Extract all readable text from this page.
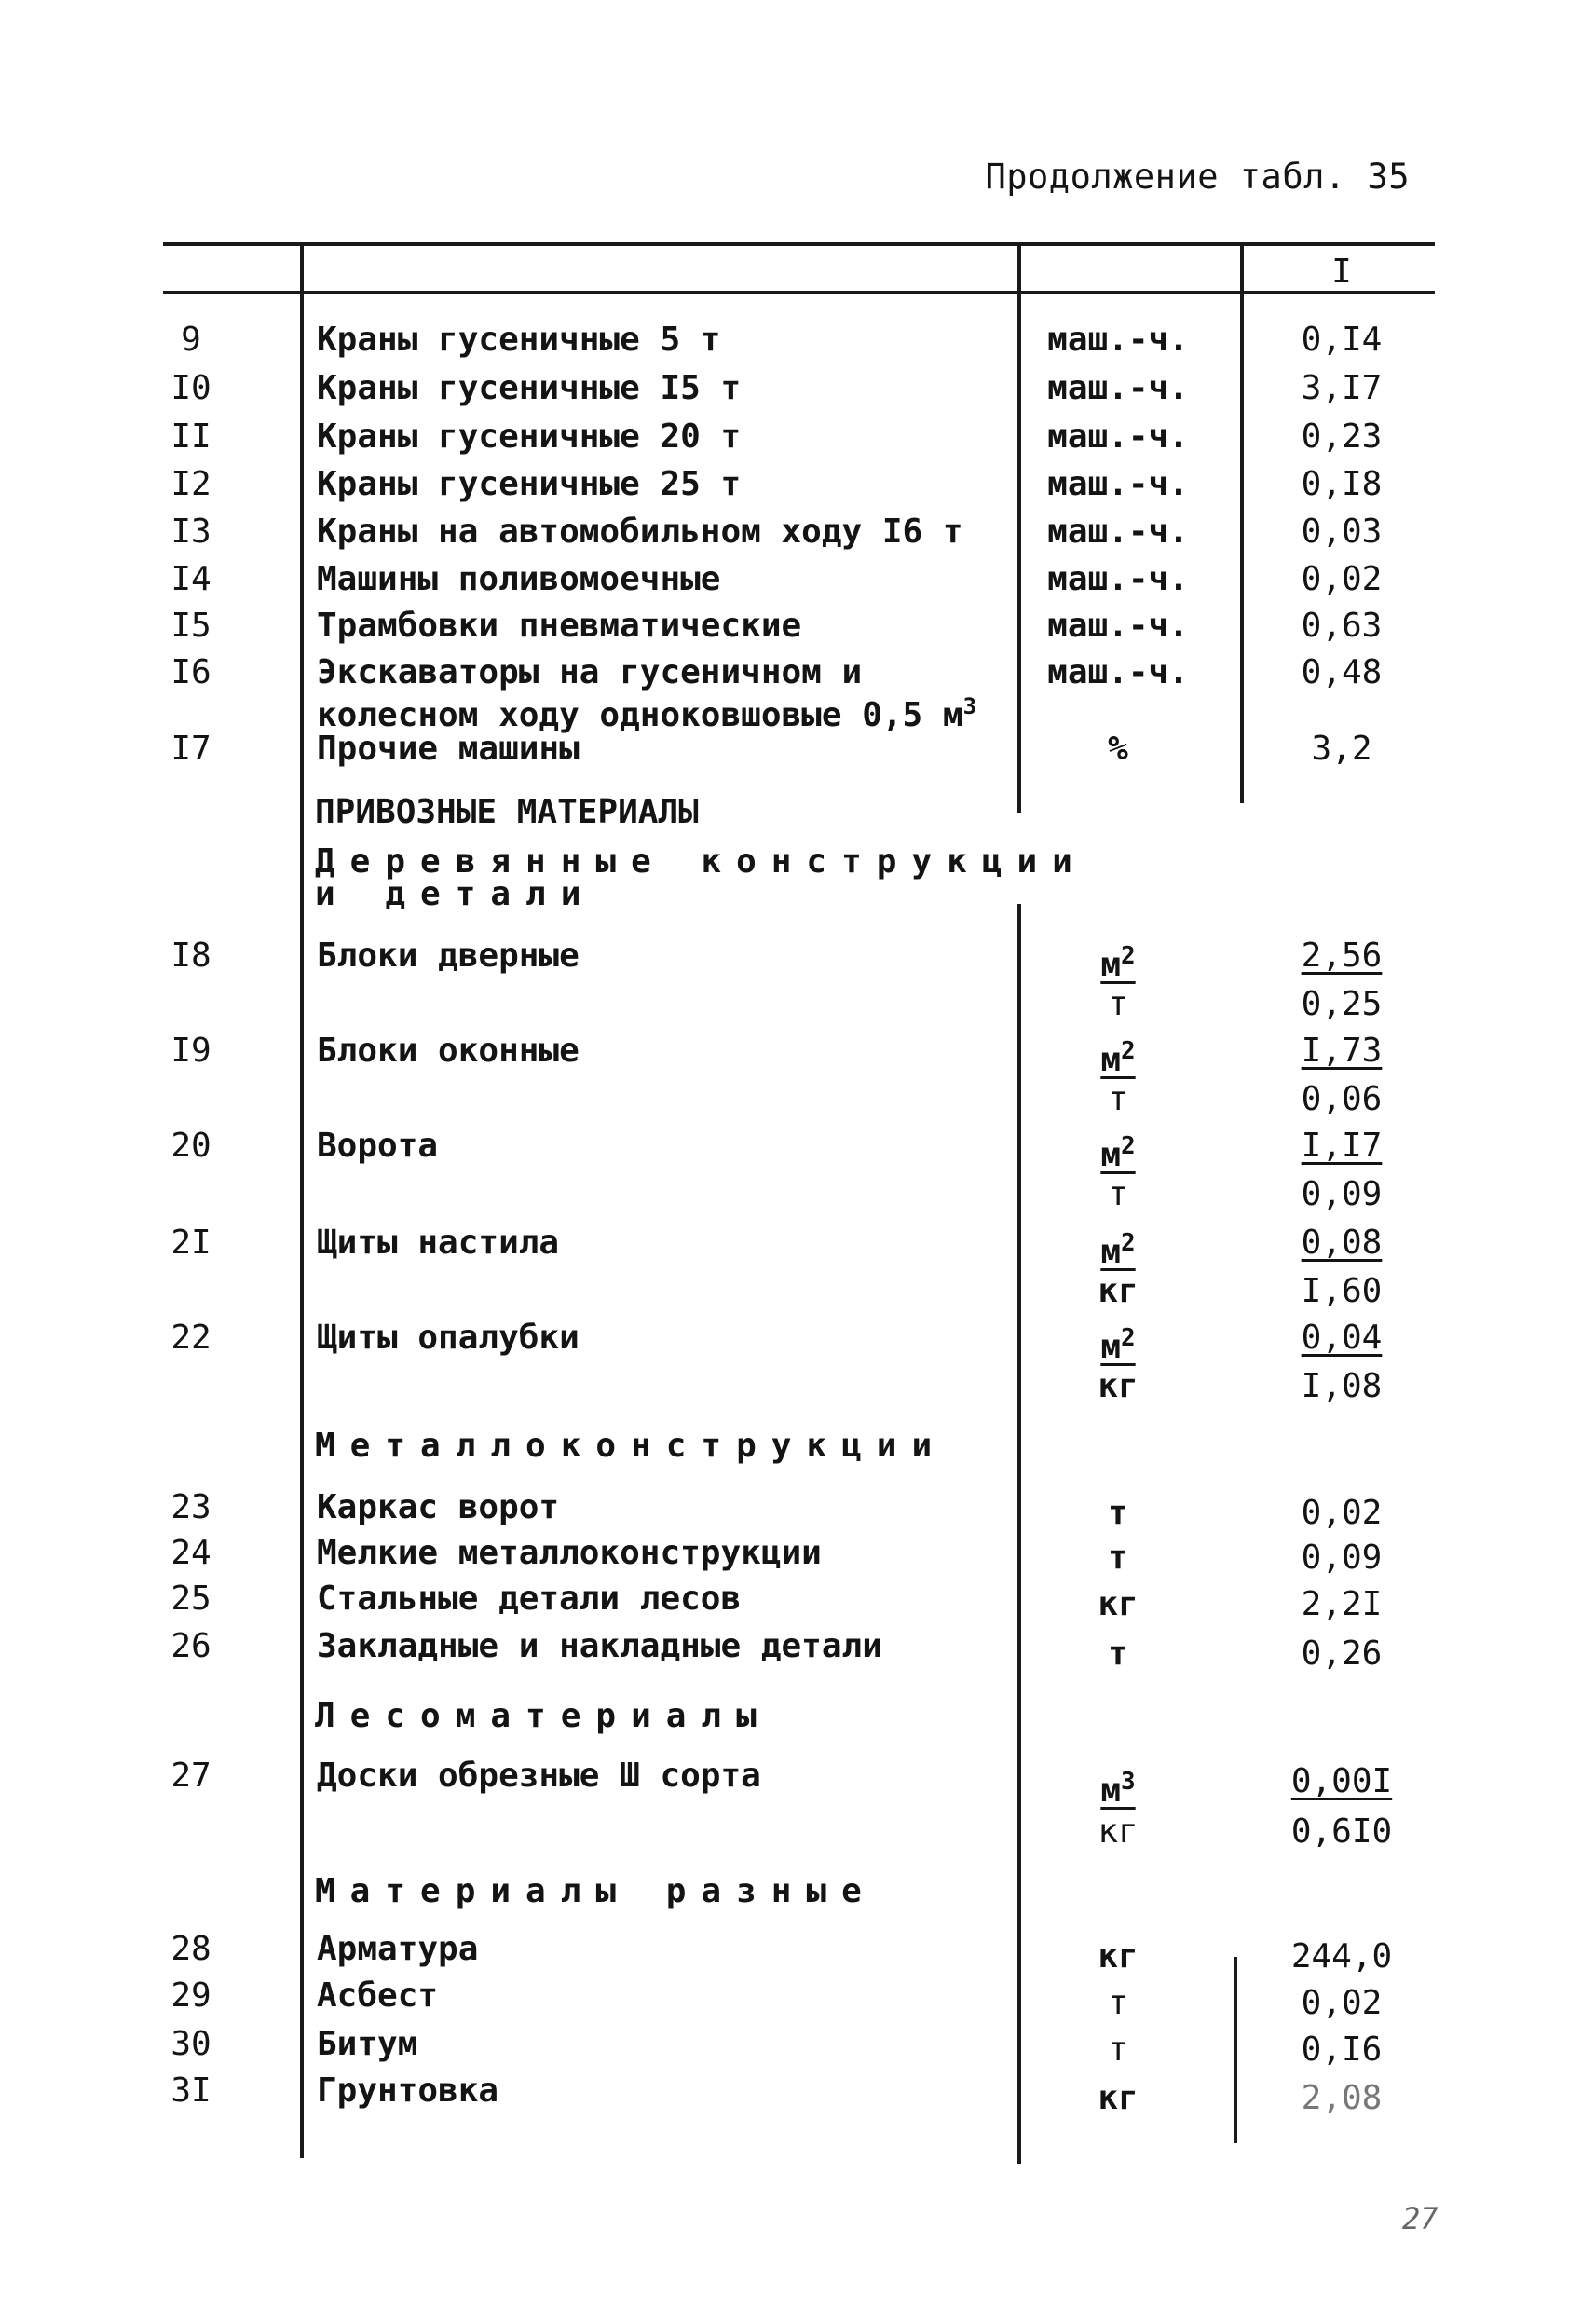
Продолжение табл. 35
I
9	Краны гусеничные 5 т	маш.-ч.	0,I4
I0	Краны гусеничные I5 т	маш.-ч.	3,I7
II	Краны гусеничные 20 т	маш.-ч.	0,23
I2	Краны гусеничные 25 т	маш.-ч.	0,I8
I3	Краны на автомобильном ходу I6 т	маш.-ч.	0,03
I4	Машины поливомоечные	маш.-ч.	0,02
I5	Трамбовки пневматические	маш.-ч.	0,63
I6	Экскаваторы на гусеничном и
колесном ходу одноковшовые 0,5 $м^3$
маш.-ч.	0,48
I7	Прочие машины	%	3,2
ПРИВОЗНЫЕ МАТЕРИАЛЫ
Деревянные конструкции
и детали
I8	Блоки дверные	$м^2$	2,56
т	0,25
I9	Блоки оконные	$м^2$	I,73
т	0,06
20	Ворота	$м^2$	I,I7
т	0,09
2I	Щиты настила	$м^2$	0,08
кг	I,60
22	Щиты опалубки	$м^2$	0,04
кг	I,08
Металлоконструкции
23	Каркас ворот	т	0,02
24	Мелкие металлоконструкции	т	0,09
25	Стальные детали лесов	кг	2,2I
26	Закладные и накладные детали	т	0,26
Лесоматериалы
27	Доски обрезные Ш сорта	$м^3$	0,00I
кг	0,6I0
Материалы разные
28	Арматура	кг	244,0
29	Асбест	т	0,02
30	Битум	т	0,I6
3I	Грунтовка	кг	2,08
27
